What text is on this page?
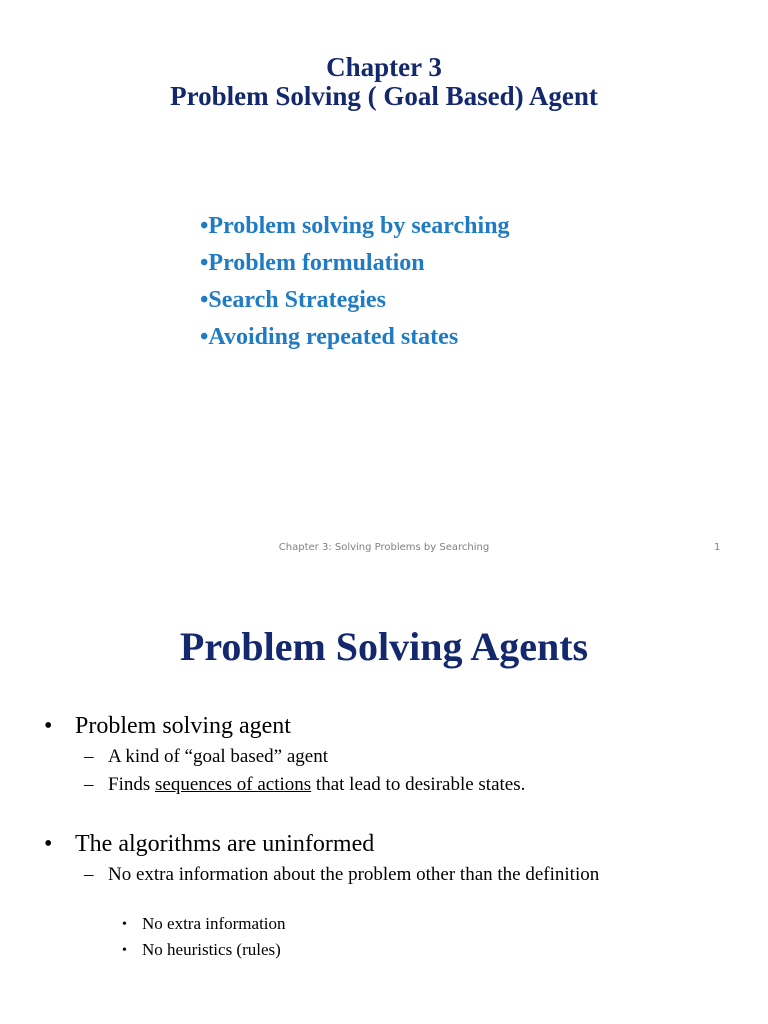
Chapter 3
Problem Solving ( Goal Based) Agent
•Problem solving by searching
•Problem formulation
•Search Strategies
•Avoiding repeated states
Chapter 3: Solving Problems by Searching	1
Problem Solving Agents
• Problem solving agent
– A kind of “goal based” agent
– Finds sequences of actions that lead to desirable states.
• The algorithms are uninformed
– No extra information about the problem other than the definition
• No extra information
• No heuristics (rules)
